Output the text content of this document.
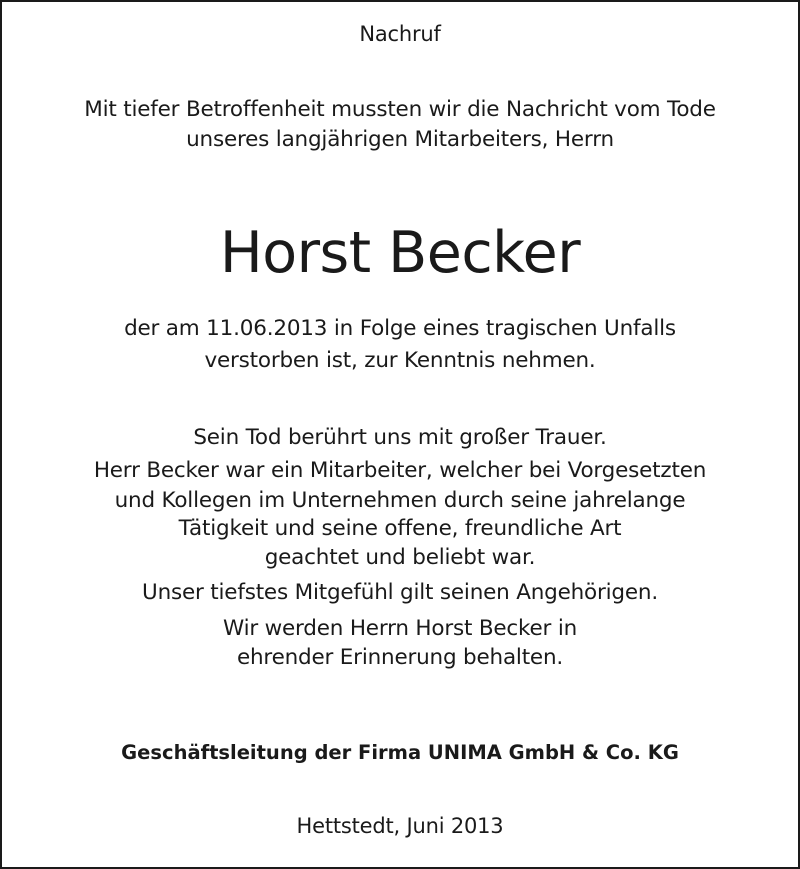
Nachruf
Mit tiefer Betroffenheit mussten wir die Nachricht vom Tode
unseres langjährigen Mitarbeiters, Herrn
Horst Becker
der am 11.06.2013 in Folge eines tragischen Unfalls
verstorben ist, zur Kenntnis nehmen.
Sein Tod berührt uns mit großer Trauer.
Herr Becker war ein Mitarbeiter, welcher bei Vorgesetzten
und Kollegen im Unternehmen durch seine jahrelange
Tätigkeit und seine offene, freundliche Art
geachtet und beliebt war.
Unser tiefstes Mitgefühl gilt seinen Angehörigen.
Wir werden Herrn Horst Becker in
ehrender Erinnerung behalten.
Geschäftsleitung der Firma UNIMA GmbH & Co. KG
Hettstedt, Juni 2013
